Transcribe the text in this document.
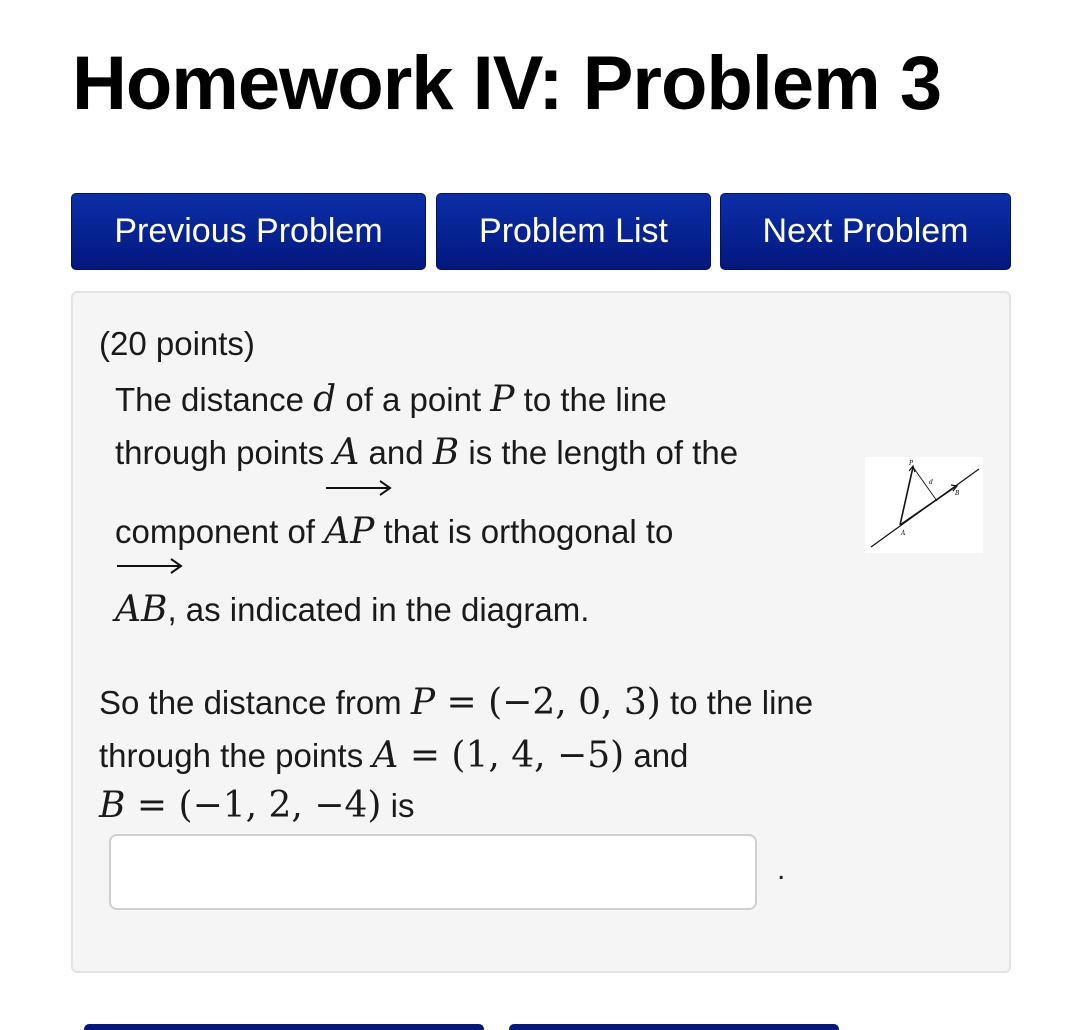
Homework IV: Problem 3
Previous Problem	Problem List	Next Problem
(20 points)
The distance d of a point P to the line
through points A and B is the length of the
component of
AP that is orthogonal to
AB, as indicated in the diagram.
P
d
A
B
So the distance from P = (−2, 0, 3) to the line
through the points A = (1, 4, −5) and
B = (−1, 2, −4) is
.
